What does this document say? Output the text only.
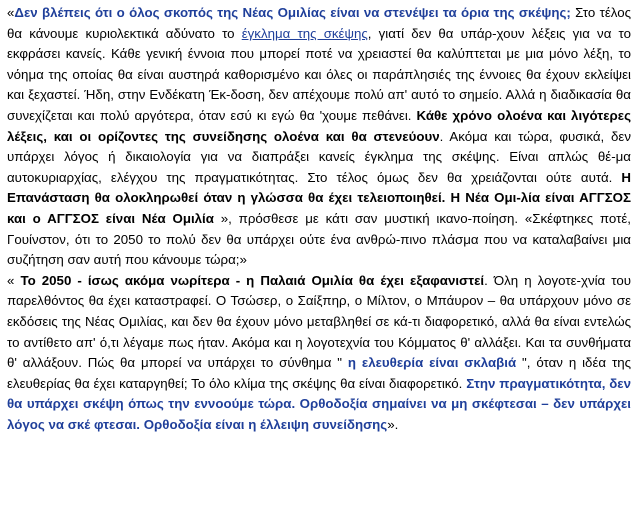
«Δεν βλέπεις ότι ο όλος σκοπός της Νέας Ομιλίας είναι να στενέψει τα όρια της σκέψης; Στο τέλος θα κάνουμε κυριολεκτικά αδύνατο το έγκλημα της σκέψης, γιατί δεν θα υπάρ-χουν λέξεις για να το εκφράσει κανείς. Κάθε γενική έννοια που μπορεί ποτέ να χρειαστεί θα καλύπτεται με μια μόνο λέξη, το νόημα της οποίας θα είναι αυστηρά καθορισμένο και όλες οι παράπλησιές της έννοιες θα έχουν εκλείψει και ξεχαστεί. Ήδη, στην Ενδέκατη Έκ-δοση, δεν απέχουμε πολύ απ' αυτό το σημείο. Αλλά η διαδικασία θα συνεχίζεται και πολύ αργότερα, όταν εσύ κι εγώ θα 'χουμε πεθάνει. Κάθε χρόνο ολοένα και λιγότερες λέξεις, και οι ορίζοντες της συνείδησης ολοένα και θα στενεύουν. Ακόμα και τώρα, φυσικά, δεν υπάρχει λόγος ή δικαιολογία για να διαπράξει κανείς έγκλημα της σκέψης. Είναι απλώς θέ-μα αυτοκυριαρχίας, ελέγχου της πραγματικότητας. Στο τέλος όμως δεν θα χρειάζονται ούτε αυτά. Η Επανάσταση θα ολοκληρωθεί όταν η γλώσσα θα έχει τελειοποιηθεί. Η Νέα Ομι-λία είναι ΑΓΓΣΟΣ και ο ΑΓΓΣΟΣ είναι Νέα Ομιλία », πρόσθεσε με κάτι σαν μυστική ικανο-ποίηση. «Σκέφτηκες ποτέ, Γουίνστον, ότι το 2050 το πολύ δεν θα υπάρχει ούτε ένα ανθρώ-πινο πλάσμα που να καταλαβαίνει μια συζήτηση σαν αυτή που κάνουμε τώρα;»

« Το 2050 - ίσως ακόμα νωρίτερα - η Παλαιά Ομιλία θα έχει εξαφανιστεί. Όλη η λογοτε-χνία του παρελθόντος θα έχει καταστραφεί. Ο Τσώσερ, ο Σαίξπηρ, ο Μίλτον, ο Μπάυρον – θα υπάρχουν μόνο σε εκδόσεις της Νέας Ομιλίας, και δεν θα έχουν μόνο μεταβληθεί σε κά-τι διαφορετικό, αλλά θα είναι εντελώς το αντίθετο απ' ό,τι λέγαμε πως ήταν. Ακόμα και η λογοτεχνία του Κόμματος θ' αλλάξει. Και τα συνθήματα θ' αλλάξουν. Πώς θα μπορεί να υπάρχει το σύνθημα " η ελευθερία είναι σκλαβιά ", όταν η ιδέα της ελευθερίας θα έχει καταργηθεί; Το όλο κλίμα της σκέψης θα είναι διαφορετικό. Στην πραγματικότητα, δεν θα υπάρχει σκέψη όπως την εννοούμε τώρα. Ορθοδοξία σημαίνει να μη σκέφτεσαι – δεν υπάρχει λόγος να σκέ φτεσαι. Ορθοδοξία είναι η έλλειψη συνείδησης».
